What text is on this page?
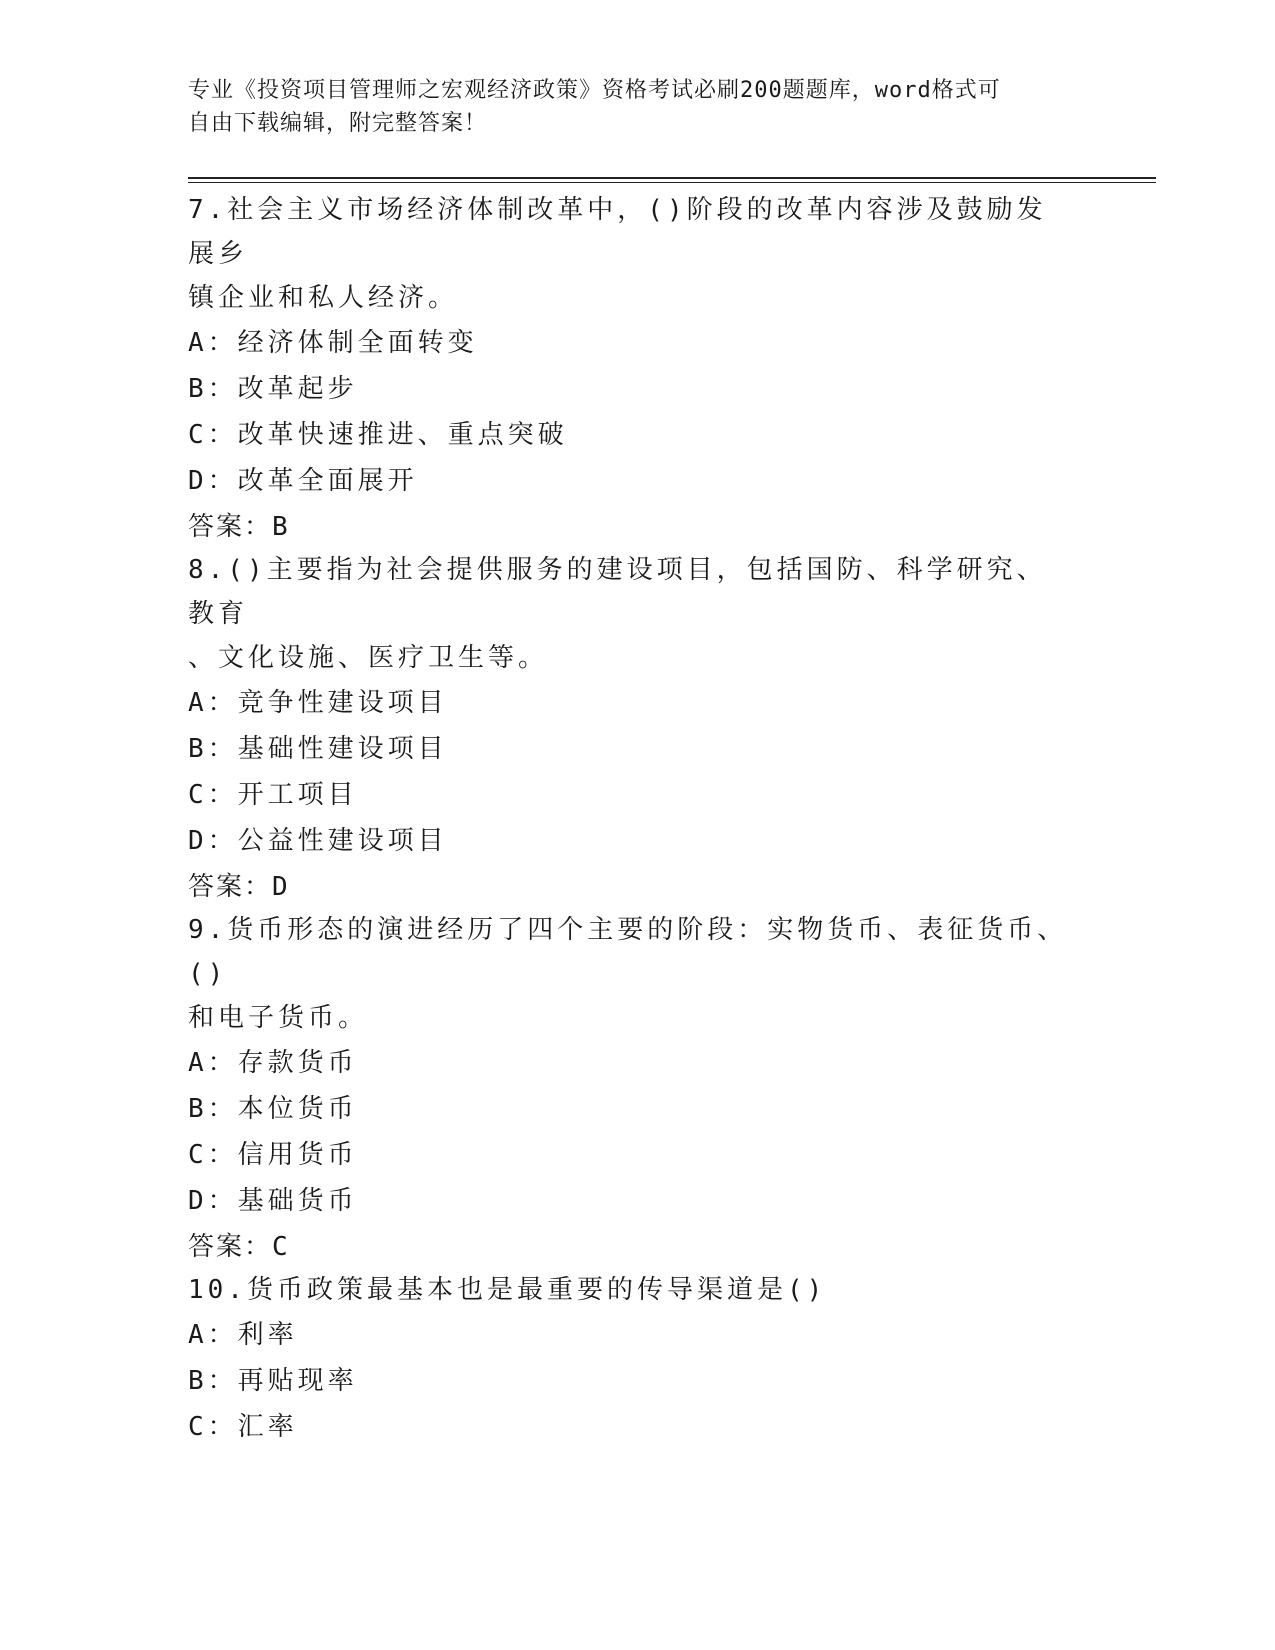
专业《投资项目管理师之宏观经济政策》资格考试必刷200题题库，word格式可
自由下载编辑，附完整答案！

7.社会主义市场经济体制改革中，()阶段的改革内容涉及鼓励发展乡

镇企业和私人经济。

A：经济体制全面转变

B：改革起步

C：改革快速推进、重点突破

D：改革全面展开

答案：B

8.()主要指为社会提供服务的建设项目，包括国防、科学研究、教育

、文化设施、医疗卫生等。

A：竞争性建设项目

B：基础性建设项目

C：开工项目

D：公益性建设项目

答案：D

9.货币形态的演进经历了四个主要的阶段：实物货币、表征货币、()

和电子货币。

A：存款货币

B：本位货币

C：信用货币

D：基础货币

答案：C

10.货币政策最基本也是最重要的传导渠道是()

A：利率

B：再贴现率

C：汇率
